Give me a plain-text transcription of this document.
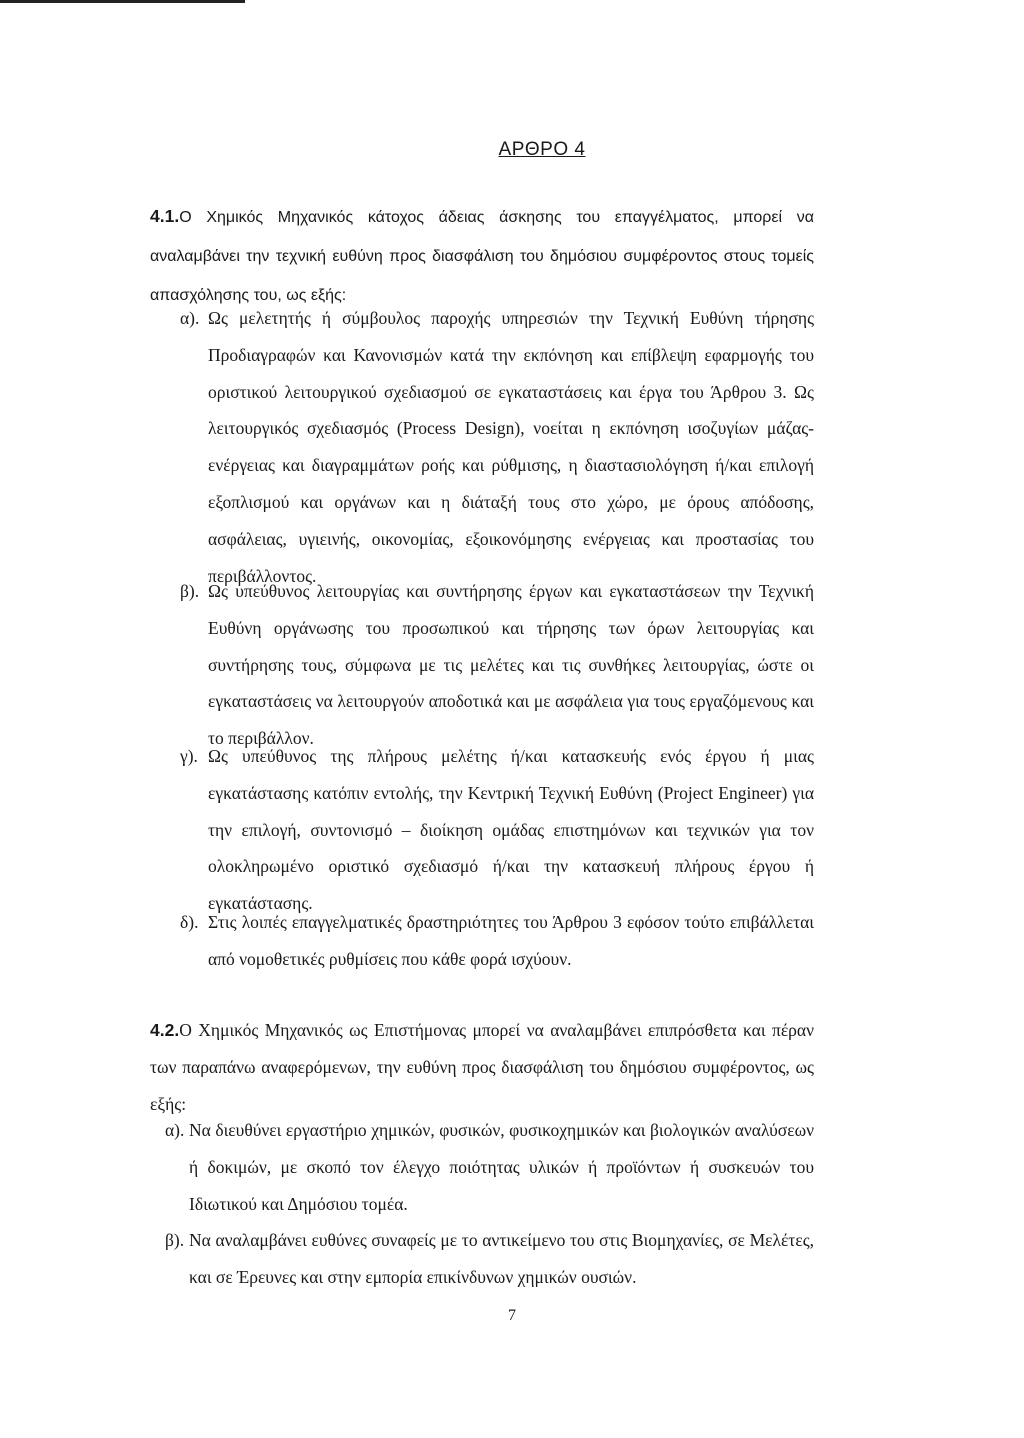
ΑΡΘΡΟ 4
4.1.Ο Χημικός Μηχανικός κάτοχος άδειας άσκησης του επαγγέλματος, μπορεί να αναλαμβάνει την τεχνική ευθύνη προς διασφάλιση του δημόσιου συμφέροντος στους τομείς απασχόλησης του, ως εξής:
α). Ως μελετητής ή σύμβουλος παροχής υπηρεσιών την Τεχνική Ευθύνη τήρησης Προδιαγραφών και Κανονισμών κατά την εκπόνηση και επίβλεψη εφαρμογής του οριστικού λειτουργικού σχεδιασμού σε εγκαταστάσεις και έργα του Άρθρου 3. Ως λειτουργικός σχεδιασμός (Process Design), νοείται η εκπόνηση ισοζυγίων μάζας-ενέργειας και διαγραμμάτων ροής και ρύθμισης, η διαστασιολόγηση ή/και επιλογή εξοπλισμού και οργάνων και η διάταξή τους στο χώρο, με όρους απόδοσης, ασφάλειας, υγιεινής, οικονομίας, εξοικονόμησης ενέργειας και προστασίας του περιβάλλοντος.
β). Ως υπεύθυνος λειτουργίας και συντήρησης έργων και εγκαταστάσεων την Τεχνική Ευθύνη οργάνωσης του προσωπικού και τήρησης των όρων λειτουργίας και συντήρησης τους, σύμφωνα με τις μελέτες και τις συνθήκες λειτουργίας, ώστε οι εγκαταστάσεις να λειτουργούν αποδοτικά και με ασφάλεια για τους εργαζόμενους και το περιβάλλον.
γ). Ως υπεύθυνος της πλήρους μελέτης ή/και κατασκευής ενός έργου ή μιας εγκατάστασης κατόπιν εντολής, την Κεντρική Τεχνική Ευθύνη (Project Engineer) για την επιλογή, συντονισμό – διοίκηση ομάδας επιστημόνων και τεχνικών για τον ολοκληρωμένο οριστικό σχεδιασμό ή/και την κατασκευή πλήρους έργου ή εγκατάστασης.
δ). Στις λοιπές επαγγελματικές δραστηριότητες του Άρθρου 3 εφόσον τούτο επιβάλλεται από νομοθετικές ρυθμίσεις που κάθε φορά ισχύουν.
4.2.Ο Χημικός Μηχανικός ως Επιστήμονας μπορεί να αναλαμβάνει επιπρόσθετα και πέραν των παραπάνω αναφερόμενων, την ευθύνη προς διασφάλιση του δημόσιου συμφέροντος, ως εξής:
α). Να διευθύνει εργαστήριο χημικών, φυσικών, φυσικοχημικών και βιολογικών αναλύσεων ή δοκιμών, με σκοπό τον έλεγχο ποιότητας υλικών ή προϊόντων ή συσκευών του Ιδιωτικού και Δημόσιου τομέα.
β). Να αναλαμβάνει ευθύνες συναφείς με το αντικείμενο του στις Βιομηχανίες, σε Μελέτες, και σε Έρευνες και στην εμπορία επικίνδυνων χημικών ουσιών.
7
